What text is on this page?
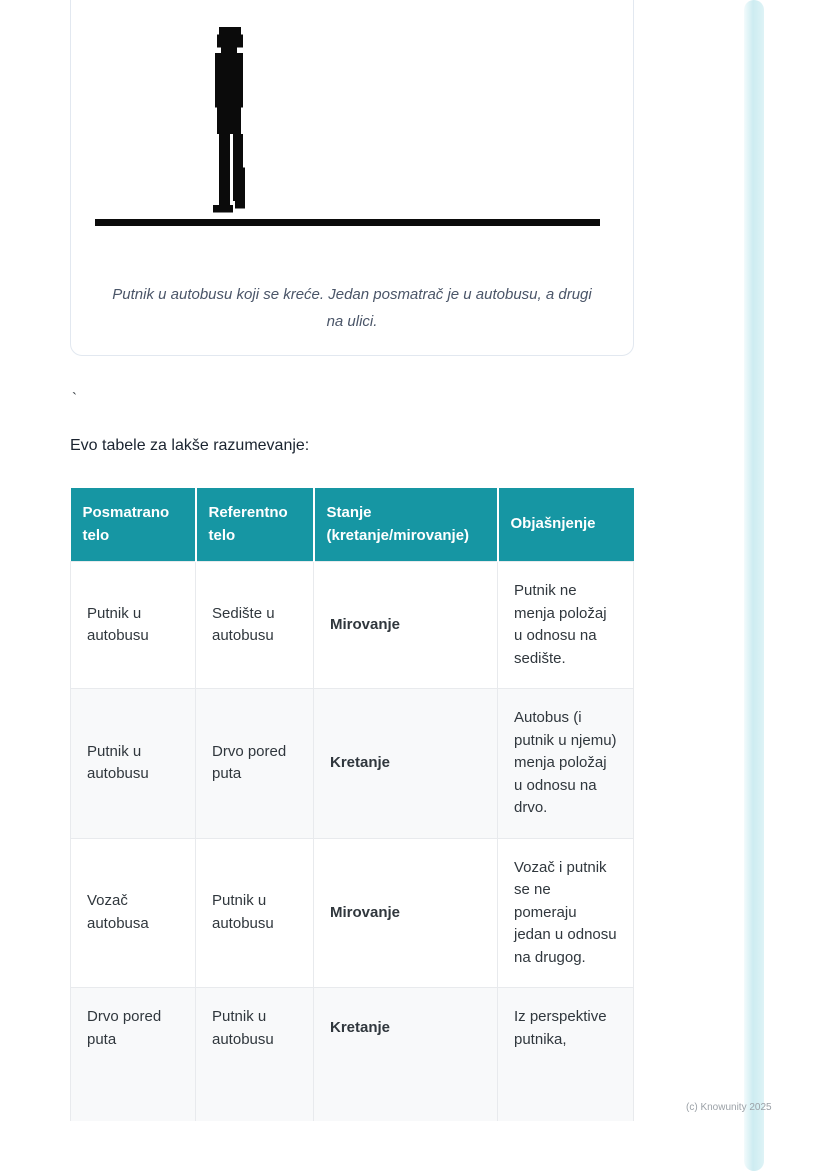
Putnik u autobusu koji se kreće. Jedan posmatrač je u autobusu, a drugi na ulici.
`

Evo tabele za lakše razumevanje:

Posmatrano telo	Referentno telo	Stanje (kretanje/mirovanje)	Objašnjenje
Putnik u autobusu	Sedište u autobusu	Mirovanje	Putnik ne menja položaj u odnosu na sedište.
Putnik u autobusu	Drvo pored puta	Kretanje	Autobus (i putnik u njemu) menja položaj u odnosu na drvo.
Vozač autobusa	Putnik u autobusu	Mirovanje	Vozač i putnik se ne pomeraju jedan u odnosu na drugog.
Drvo pored puta	Putnik u autobusu	Kretanje	Iz perspektive putnika,
(c) Knowunity 2025
